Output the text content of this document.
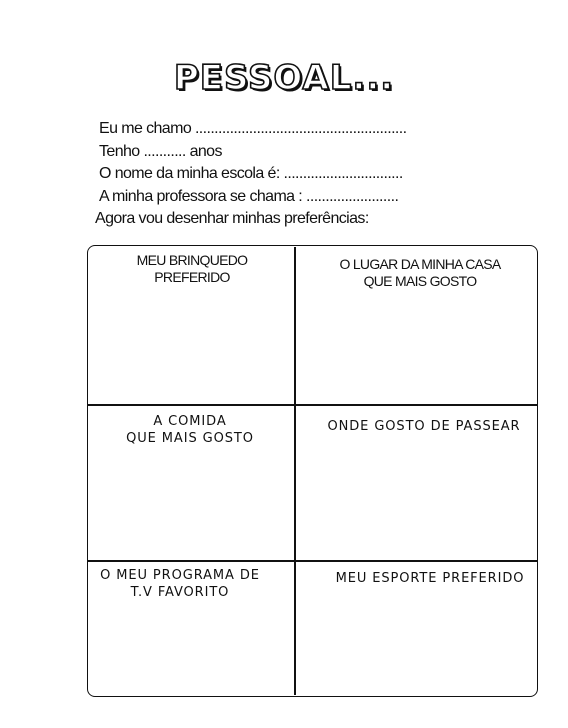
PESSOAL...
Eu me chamo .......................................................
Tenho ........... anos
O nome da minha escola é: ...............................
A minha professora se chama : ........................
Agora vou desenhar minhas preferências:
MEU BRINQUEDO
PREFERIDO
O LUGAR DA MINHA CASA
QUE MAIS GOSTO
A COMIDA
QUE MAIS GOSTO
ONDE GOSTO DE PASSEAR
O MEU PROGRAMA DE
T.V FAVORITO
MEU ESPORTE PREFERIDO
